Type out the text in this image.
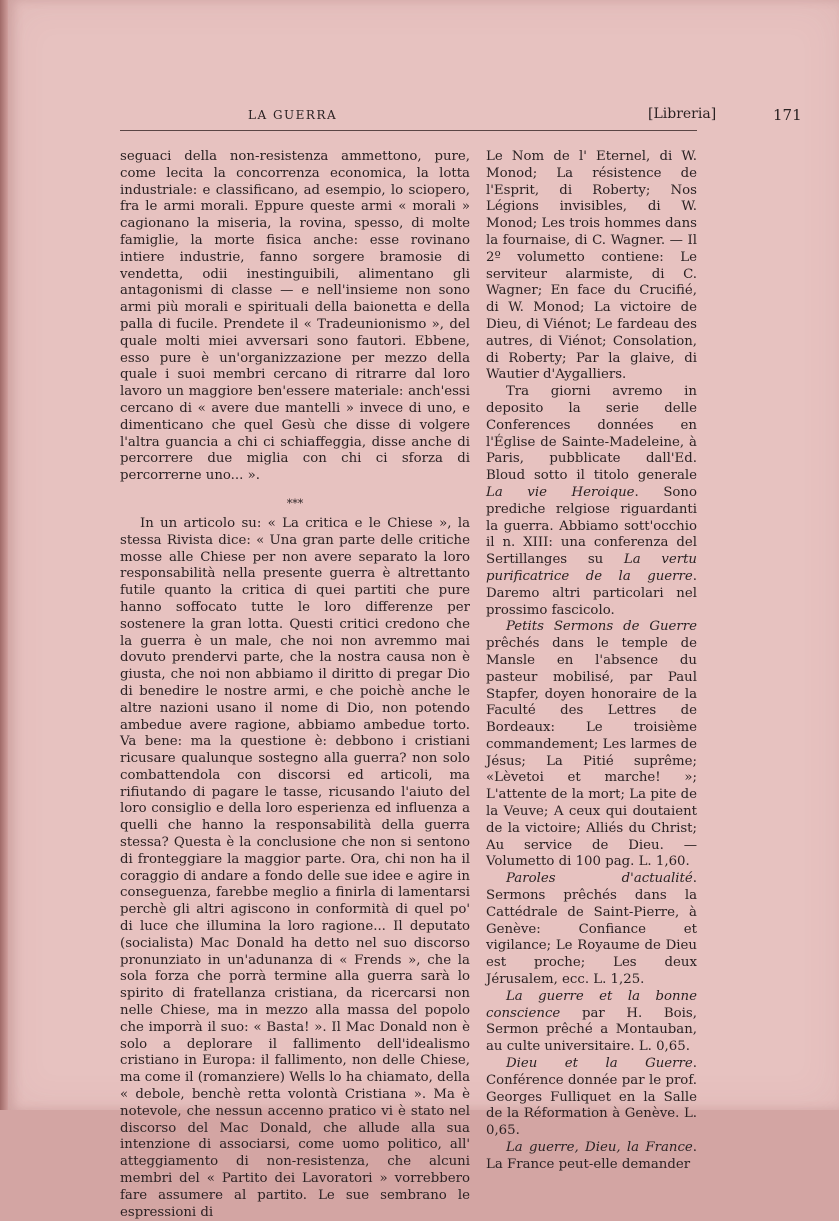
LA GUERRA	[Libreria]	171

seguaci della non-resistenza ammettono, pure, come lecita la concorrenza economica, la lotta industriale: e classificano, ad esempio, lo sciopero, fra le armi morali. Eppure queste armi « morali » cagionano la miseria, la rovina, spesso, di molte famiglie, la morte fisica anche: esse rovinano intiere industrie, fanno sorgere bramosie di vendetta, odii inestinguibili, alimentano gli antagonismi di classe — e nell'insieme non sono armi più morali e spirituali della baionetta e della palla di fucile. Prendete il « Tradeunionismo », del quale molti miei avversari sono fautori. Ebbene, esso pure è un'organizzazione per mezzo della quale i suoi membri cercano di ritrarre dal loro lavoro un maggiore ben'essere materiale: anch'essi cercano di « avere due mantelli » invece di uno, e dimenticano che quel Gesù che disse di volgere l'altra guancia a chi ci schiaffeggia, disse anche di percorrere due miglia con chi ci sforza di percorrerne uno... ».

***

In un articolo su: « La critica e le Chiese », la stessa Rivista dice: « Una gran parte delle critiche mosse alle Chiese per non avere separato la loro responsabilità nella presente guerra è altrettanto futile quanto la critica di quei partiti che pure hanno soffocato tutte le loro differenze per sostenere la gran lotta. Questi critici credono che la guerra è un male, che noi non avremmo mai dovuto prendervi parte, che la nostra causa non è giusta, che noi non abbiamo il diritto di pregar Dio di benedire le nostre armi, e che poichè anche le altre nazioni usano il nome di Dio, non potendo ambedue avere ragione, abbiamo ambedue torto. Va bene: ma la questione è: debbono i cristiani ricusare qualunque sostegno alla guerra? non solo combattendola con discorsi ed articoli, ma rifiutando di pagare le tasse, ricusando l'aiuto del loro consiglio e della loro esperienza ed influenza a quelli che hanno la responsabilità della guerra stessa? Questa è la conclusione che non si sentono di fronteggiare la maggior parte. Ora, chi non ha il coraggio di andare a fondo delle sue idee e agire in conseguenza, farebbe meglio a finirla di lamentarsi perchè gli altri agiscono in conformità di quel po' di luce che illumina la loro ragione... Il deputato (socialista) Mac Donald ha detto nel suo discorso pronunziato in un'adunanza di « Frends », che la sola forza che porrà termine alla guerra sarà lo spirito di fratellanza cristiana, da ricercarsi non nelle Chiese, ma in mezzo alla massa del popolo che imporrà il suo: « Basta! ». Il Mac Donald non è solo a deplorare il fallimento dell'idealismo cristiano in Europa: il fallimento, non delle Chiese, ma come il (romanziere) Wells lo ha chiamato, della « debole, benchè retta volontà Cristiana ». Ma è notevole, che nessun accenno pratico vi è stato nel discorso del Mac Donald, che allude alla sua intenzione di associarsi, come uomo politico, all' atteggiamento di non-resistenza, che alcuni membri del « Partito dei Lavoratori » vorrebbero fare assumere al partito. Le sue sembrano le espressioni di

Le Nom de l' Eternel, di W. Monod; La résistence de l'Esprit, di Roberty; Nos Légions invisibles, di W. Monod; Les trois hommes dans la fournaise, di C. Wagner. — Il 2º volumetto contiene: Le serviteur alarmiste, di C. Wagner; En face du Crucifié, di W. Monod; La victoire de Dieu, di Viénot; Le fardeau des autres, di Viénot; Consolation, di Roberty; Par la glaive, di Wautier d'Aygalliers.

Tra giorni avremo in deposito la serie delle Conferences données en l'Église de Sainte-Madeleine, à Paris, pubblicate dall'Ed. Bloud sotto il titolo generale La vie Heroique. Sono prediche relgiose riguardanti la guerra. Abbiamo sott'occhio il n. XIII: una conferenza del Sertillanges su La vertu purificatrice de la guerre. Daremo altri particolari nel prossimo fascicolo.

Petits Sermons de Guerre prêchés dans le temple de Mansle en l'absence du pasteur mobilisé, par Paul Stapfer, doyen honoraire de la Faculté des Lettres de Bordeaux: Le troisième commandement; Les larmes de Jésus; La Pitié suprême; «Lèvetoi et marche! »; L'attente de la mort; La pite de la Veuve; A ceux qui doutaient de la victoire; Alliés du Christ; Au service de Dieu. — Volumetto di 100 pag. L. 1,60.

Paroles d'actualité. Sermons prêchés dans la Cattédrale de Saint-Pierre, à Genève: Confiance et vigilance; Le Royaume de Dieu est proche; Les deux Jérusalem, ecc. L. 1,25.

La guerre et la bonne conscience par H. Bois, Sermon prêché a Montauban, au culte universitaire. L. 0,65.

Dieu et la Guerre. Conférence donnée par le prof. Georges Fulliquet en la Salle de la Réformation à Genève. L. 0,65.

La guerre, Dieu, la France. La France peut-elle demander
